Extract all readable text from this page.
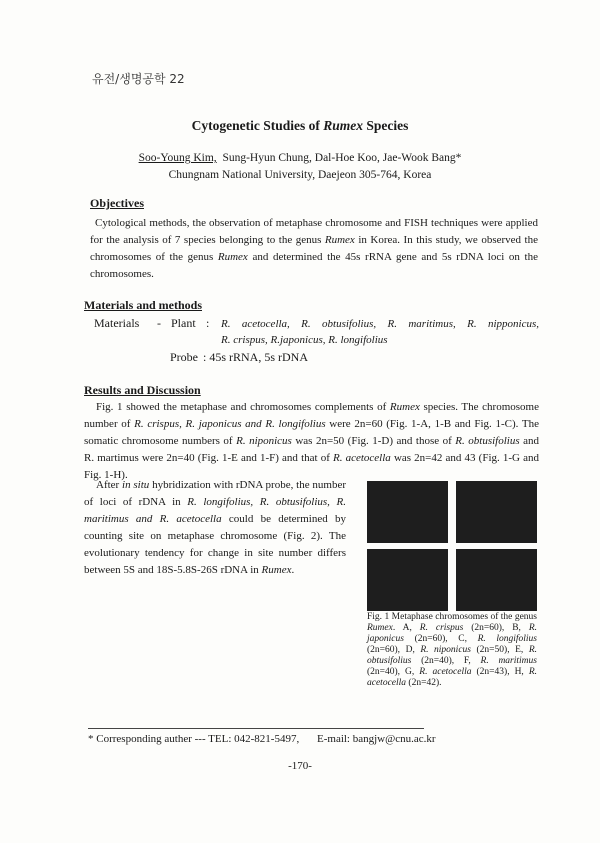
유전/생명공학 22
Cytogenetic Studies of Rumex Species
Soo-Young Kim, Sung-Hyun Chung, Dal-Hoe Koo, Jae-Wook Bang*
Chungnam National University, Daejeon 305-764, Korea
Objectives
Cytological methods, the observation of metaphase chromosome and FISH techniques were applied for the analysis of 7 species belonging to the genus Rumex in Korea. In this study, we observed the chromosomes of the genus Rumex and determined the 45s rRNA gene and 5s rDNA loci on the chromosomes.
Materials and methods
Materials - Plant : R. acetocella, R. obtusifolius, R. maritimus, R. nipponicus,
R. crispus, R.japonicus, R. longifolius
Probe : 45s rRNA, 5s rDNA
Results and Discussion
Fig. 1 showed the metaphase and chromosomes complements of Rumex species. The chromosome number of R. crispus, R. japonicus and R. longifolius were 2n=60 (Fig. 1-A, 1-B and Fig. 1-C). The somatic chromosome numbers of R. niponicus was 2n=50 (Fig. 1-D) and those of R. obtusifolius and R. martimus were 2n=40 (Fig. 1-E and 1-F) and that of R. acetocella was 2n=42 and 43 (Fig. 1-G and Fig. 1-H).
After in situ hybridization with rDNA probe, the number of loci of rDNA in R. longifolius, R. obtusifolius, R. maritimus and R. acetocella could be determined by counting site on metaphase chromosome (Fig. 2). The evolutionary tendency for change in site number differs between 5S and 18S-5.8S-26S rDNA in Rumex.
Fig. 1 Metaphase chromosomes of the genus Rumex. A, R. crispus (2n=60), B, R. japonicus (2n=60), C, R. longifolius (2n=60), D, R. niponicus (2n=50), E, R. obtusifolius (2n=40), F, R. maritimus (2n=40), G, R. acetocella (2n=43), H, R. acetocella (2n=42).
* Corresponding auther --- TEL: 042-821-5497, E-mail: bangjw@cnu.ac.kr
-170-
